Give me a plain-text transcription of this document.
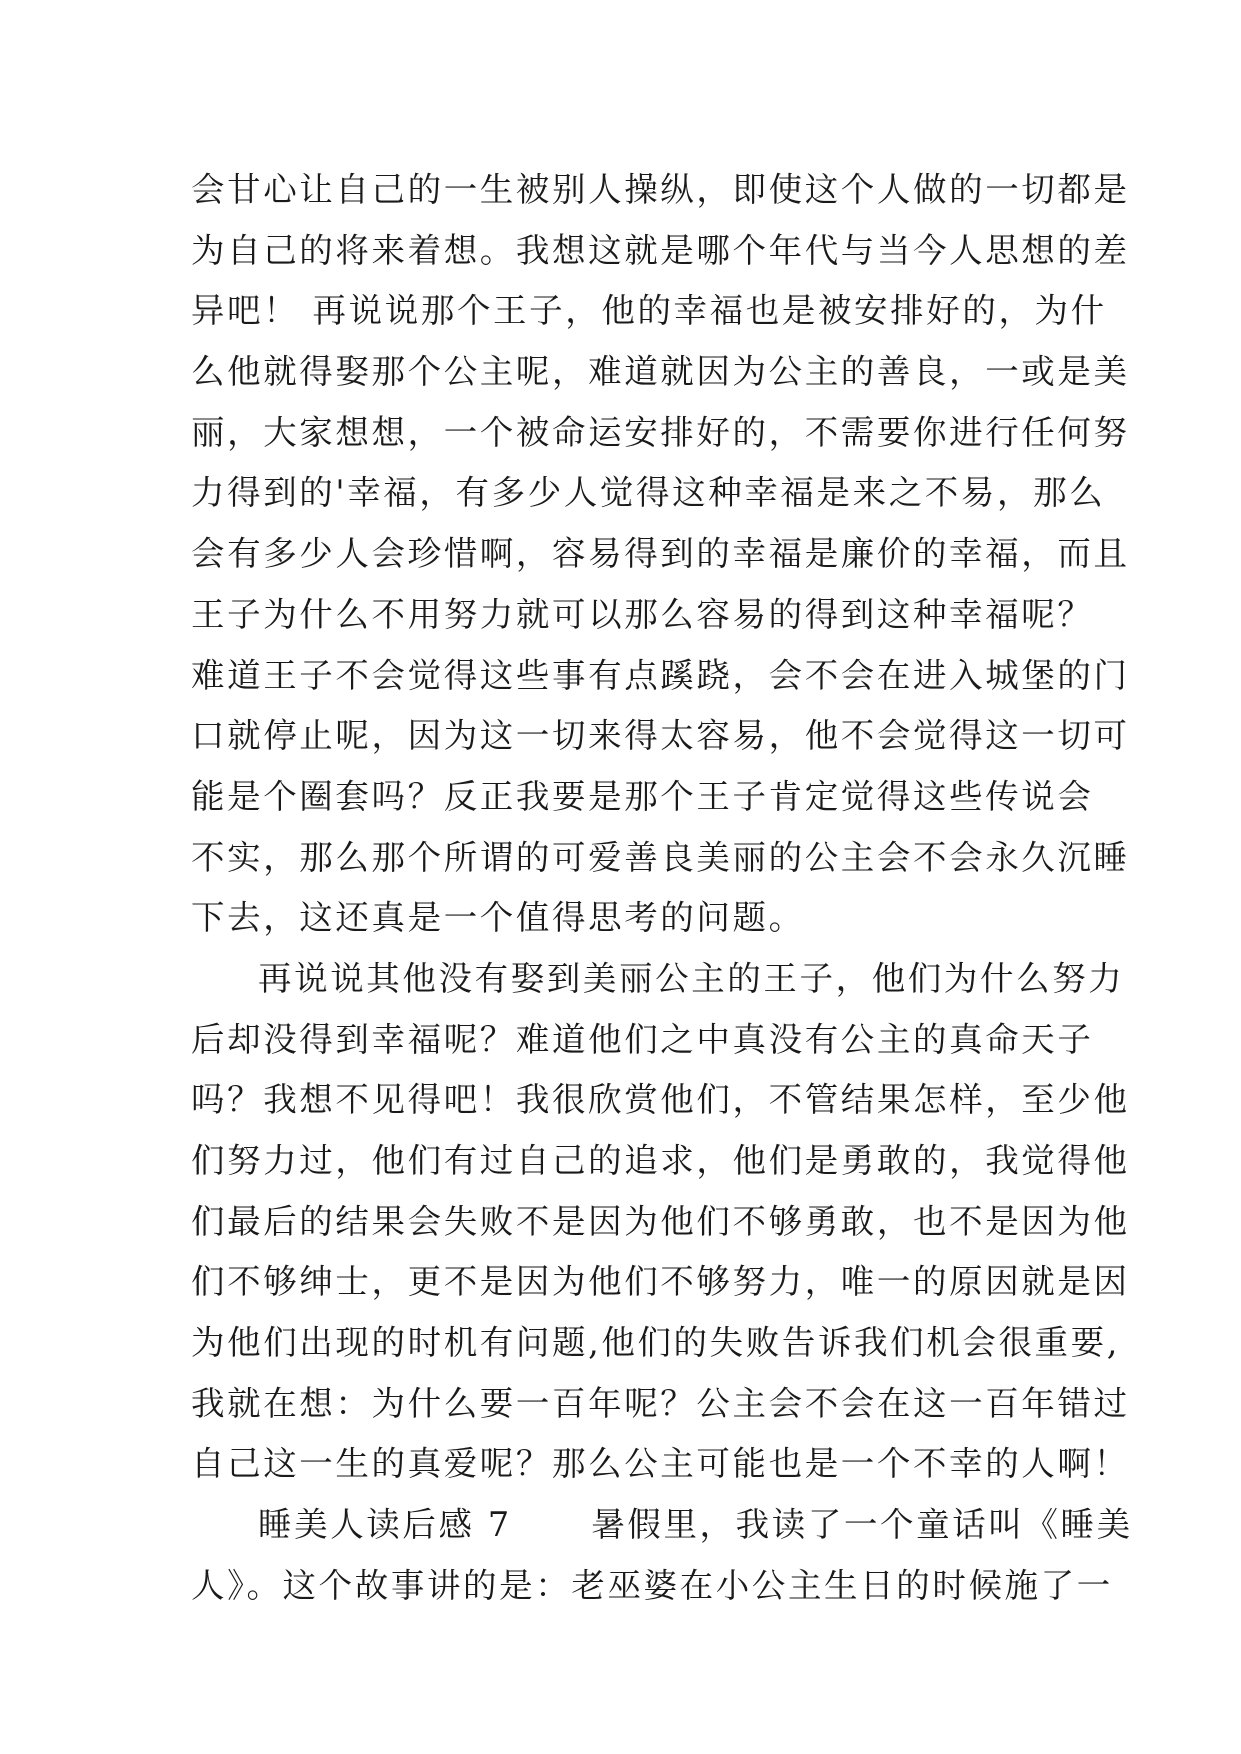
会甘心让自己的一生被别人操纵，即使这个人做的一切都是
为自己的将来着想。我想这就是哪个年代与当今人思想的差
异吧！ 再说说那个王子，他的幸福也是被安排好的，为什
么他就得娶那个公主呢，难道就因为公主的善良，一或是美
丽，大家想想，一个被命运安排好的，不需要你进行任何努
力得到的'幸福，有多少人觉得这种幸福是来之不易，那么
会有多少人会珍惜啊，容易得到的幸福是廉价的幸福，而且
王子为什么不用努力就可以那么容易的得到这种幸福呢？
难道王子不会觉得这些事有点蹊跷，会不会在进入城堡的门
口就停止呢，因为这一切来得太容易，他不会觉得这一切可
能是个圈套吗？反正我要是那个王子肯定觉得这些传说会
不实，那么那个所谓的可爱善良美丽的公主会不会永久沉睡
下去，这还真是一个值得思考的问题。

再说说其他没有娶到美丽公主的王子，他们为什么努力
后却没得到幸福呢？难道他们之中真没有公主的真命天子
吗？我想不见得吧！我很欣赏他们，不管结果怎样，至少他
们努力过，他们有过自己的追求，他们是勇敢的，我觉得他
们最后的结果会失败不是因为他们不够勇敢，也不是因为他
们不够绅士，更不是因为他们不够努力，唯一的原因就是因
为他们出现的时机有问题,他们的失败告诉我们机会很重要,
我就在想：为什么要一百年呢？公主会不会在这一百年错过
自己这一生的真爱呢？那么公主可能也是一个不幸的人啊！

睡美人读后感 7      暑假里，我读了一个童话叫《睡美
人》。这个故事讲的是：老巫婆在小公主生日的时候施了一
